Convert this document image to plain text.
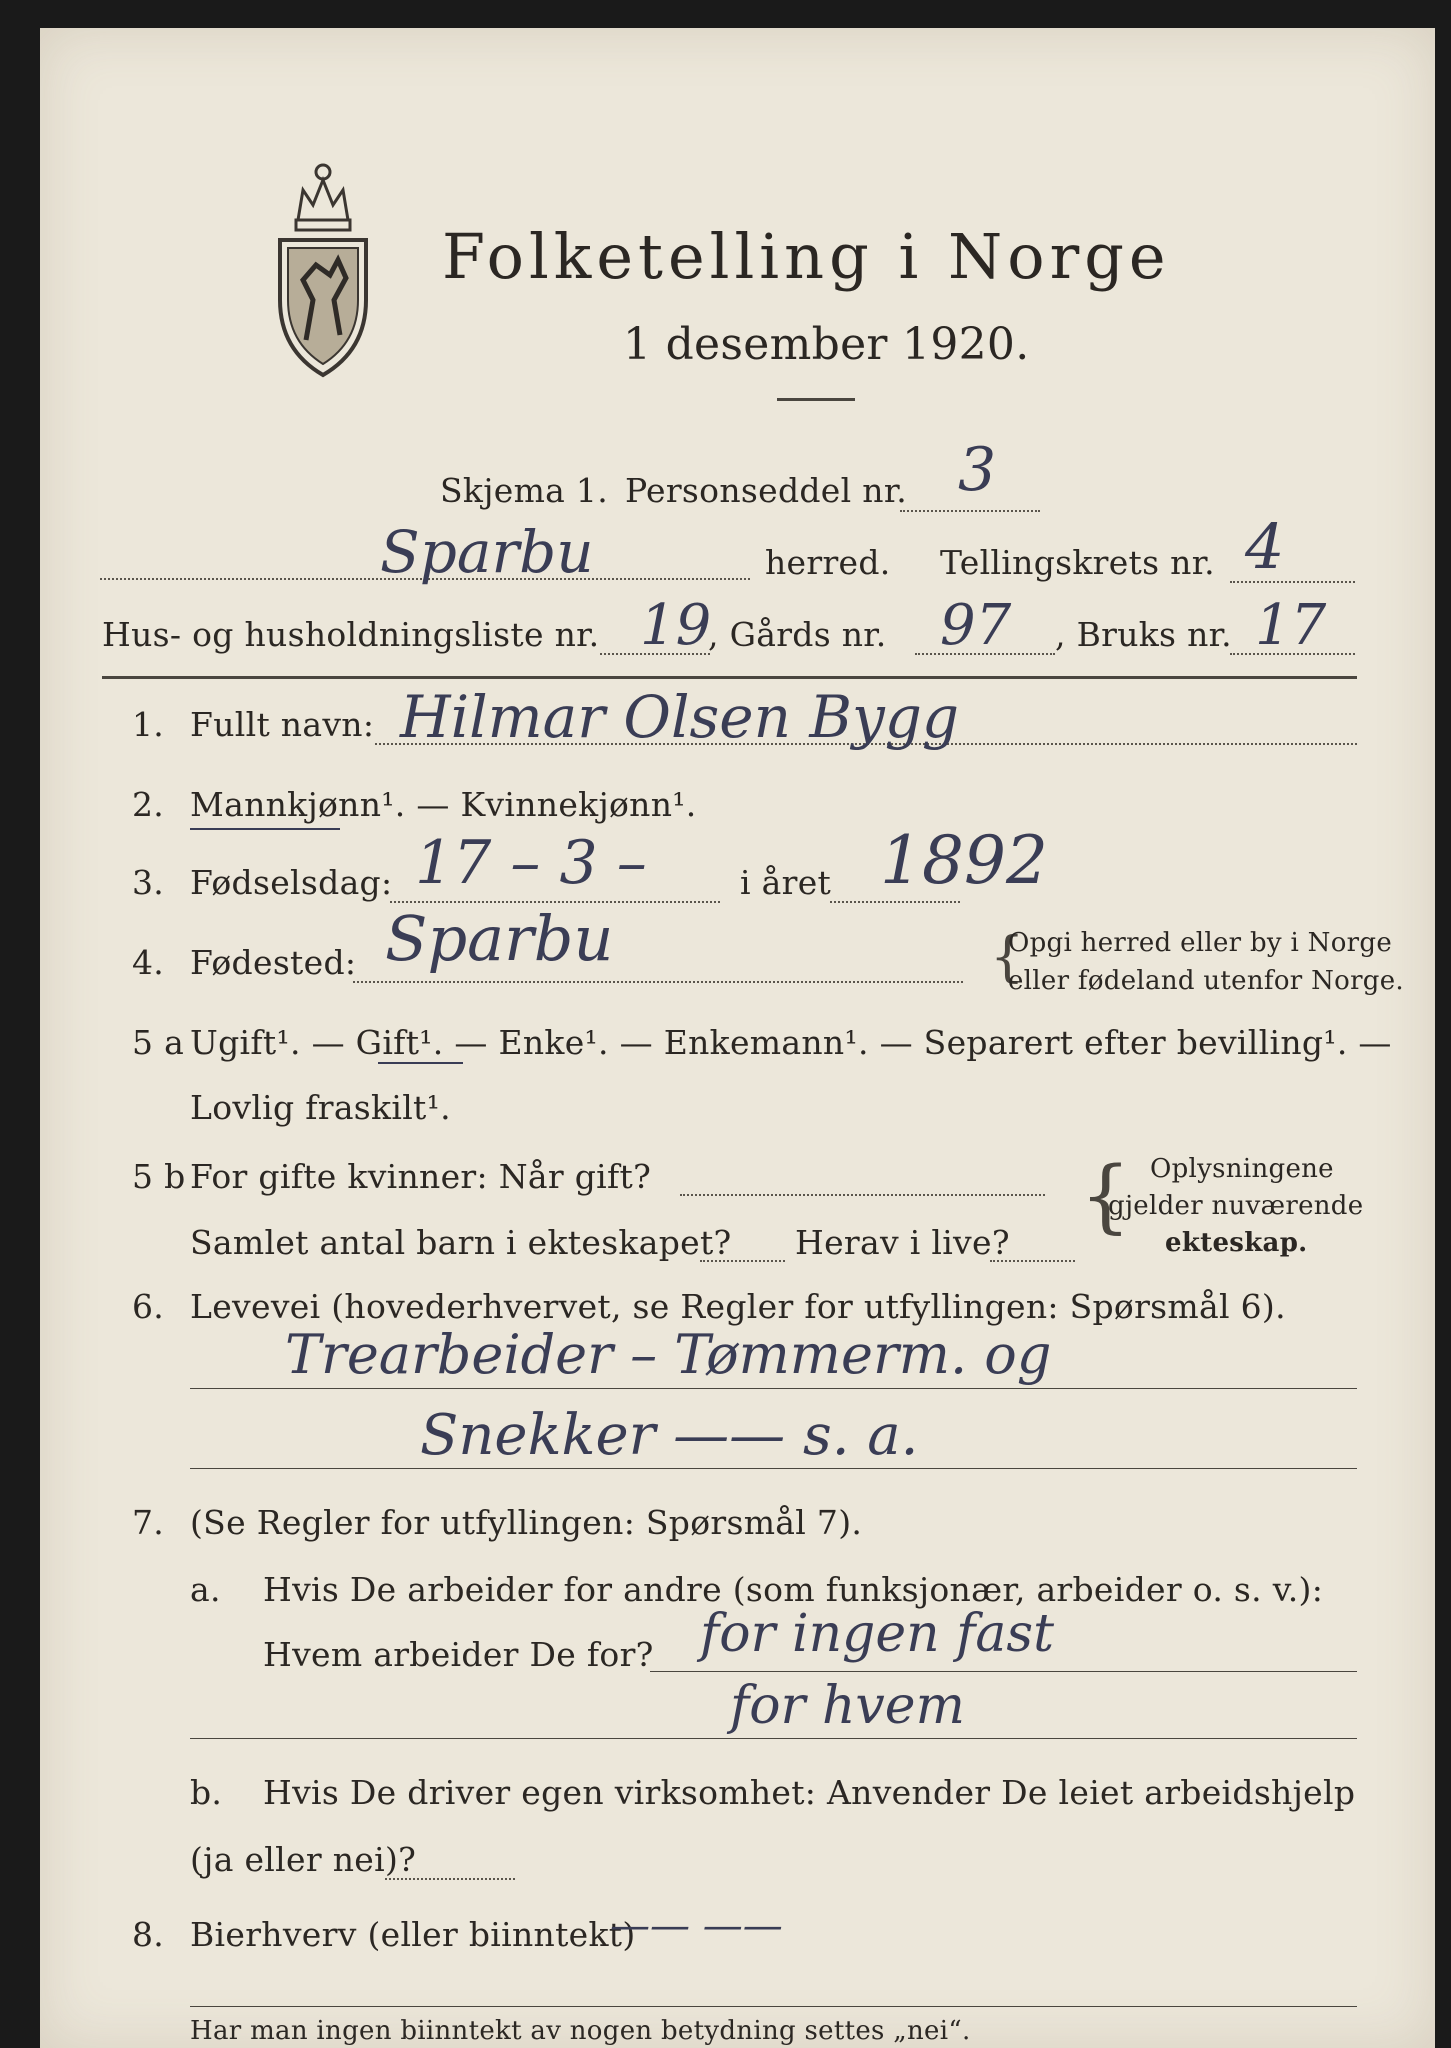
Folketelling i Norge
1 desember 1920.
Skjema 1. Personseddel nr. 3
Sparbu	herred. Tellingskrets nr. 4
Hus- og husholdningsliste nr. 19
, Gårds nr. 97 , Bruks nr. 17
1. Fullt navn: Hilmar Olsen Bygg
2. Mannkjønn¹. — Kvinnekjønn¹.
3. Fødselsdag: 17 – 3 –	i året 1892
4. Fødested: Sparbu	{
Opgi herred eller by i Norge
eller fødeland utenfor Norge.
5 a Ugift¹. — Gift¹. — Enke¹. — Enkemann¹. — Separert efter bevilling¹. —
Lovlig fraskilt¹.
5 b For gifte kvinner: Når gift?
Samlet antal barn i ekteskapet? Herav i live?
{ Oplysningene
gjelder nuværende
ekteskap.
6. Levevei (hovederhvervet, se Regler for utfyllingen: Spørsmål 6).
Trearbeider – Tømmerm. og
Snekker —— s. a.
7. (Se Regler for utfyllingen: Spørsmål 7).
a. Hvis De arbeider for andre (som funksjonær, arbeider o. s. v.):
Hvem arbeider De for? for ingen fast
for hvem
b. Hvis De driver egen virksomhet: Anvender De leiet arbeidshjelp
(ja eller nei)?
8. Bierhverv (eller biinntekt)
—— ——
Har man ingen biinntekt av nogen betydning settes „nei“.
